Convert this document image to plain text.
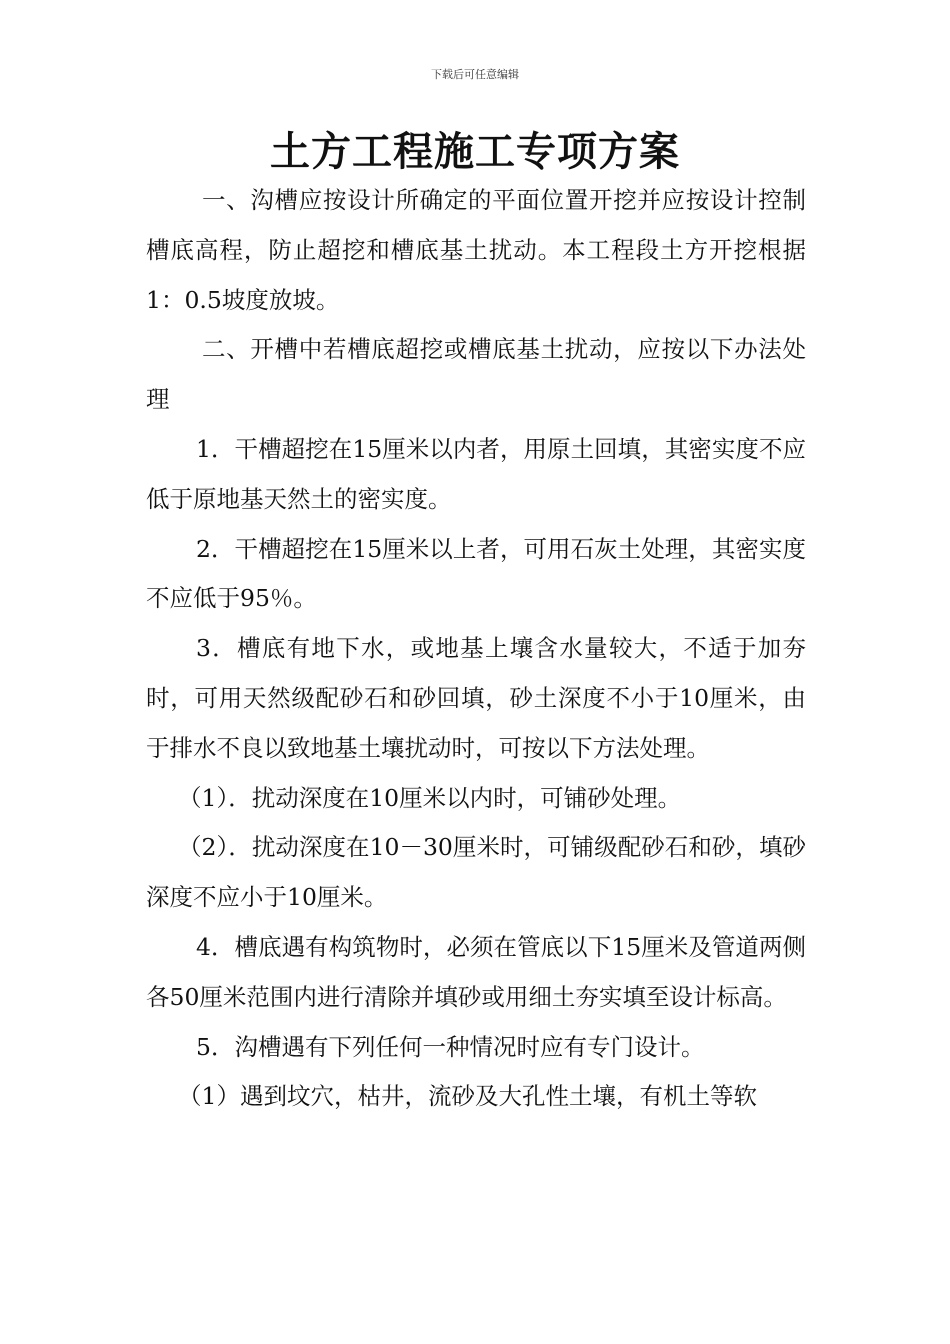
下载后可任意编辑
土方工程施工专项方案

一、沟槽应按设计所确定的平面位置开挖并应按设计控制槽底高程，防止超挖和槽底基土扰动。本工程段土方开挖根据1：0.5坡度放坡。

二、开槽中若槽底超挖或槽底基土扰动，应按以下办法处理

1．干槽超挖在15厘米以内者，用原土回填，其密实度不应低于原地基天然土的密实度。

2．干槽超挖在15厘米以上者，可用石灰土处理，其密实度不应低于95％。

3．槽底有地下水，或地基上壤含水量较大，不适于加夯时，可用天然级配砂石和砂回填，砂土深度不小于10厘米，由于排水不良以致地基土壤扰动时，可按以下方法处理。

（1）．扰动深度在10厘米以内时，可铺砂处理。

（2）．扰动深度在10－30厘米时，可铺级配砂石和砂，填砂深度不应小于10厘米。

4．槽底遇有构筑物时，必须在管底以下15厘米及管道两侧各50厘米范围内进行清除并填砂或用细土夯实填至设计标高。

5．沟槽遇有下列任何一种情况时应有专门设计。

（1）遇到坟穴，枯井，流砂及大孔性土壤，有机土等软
